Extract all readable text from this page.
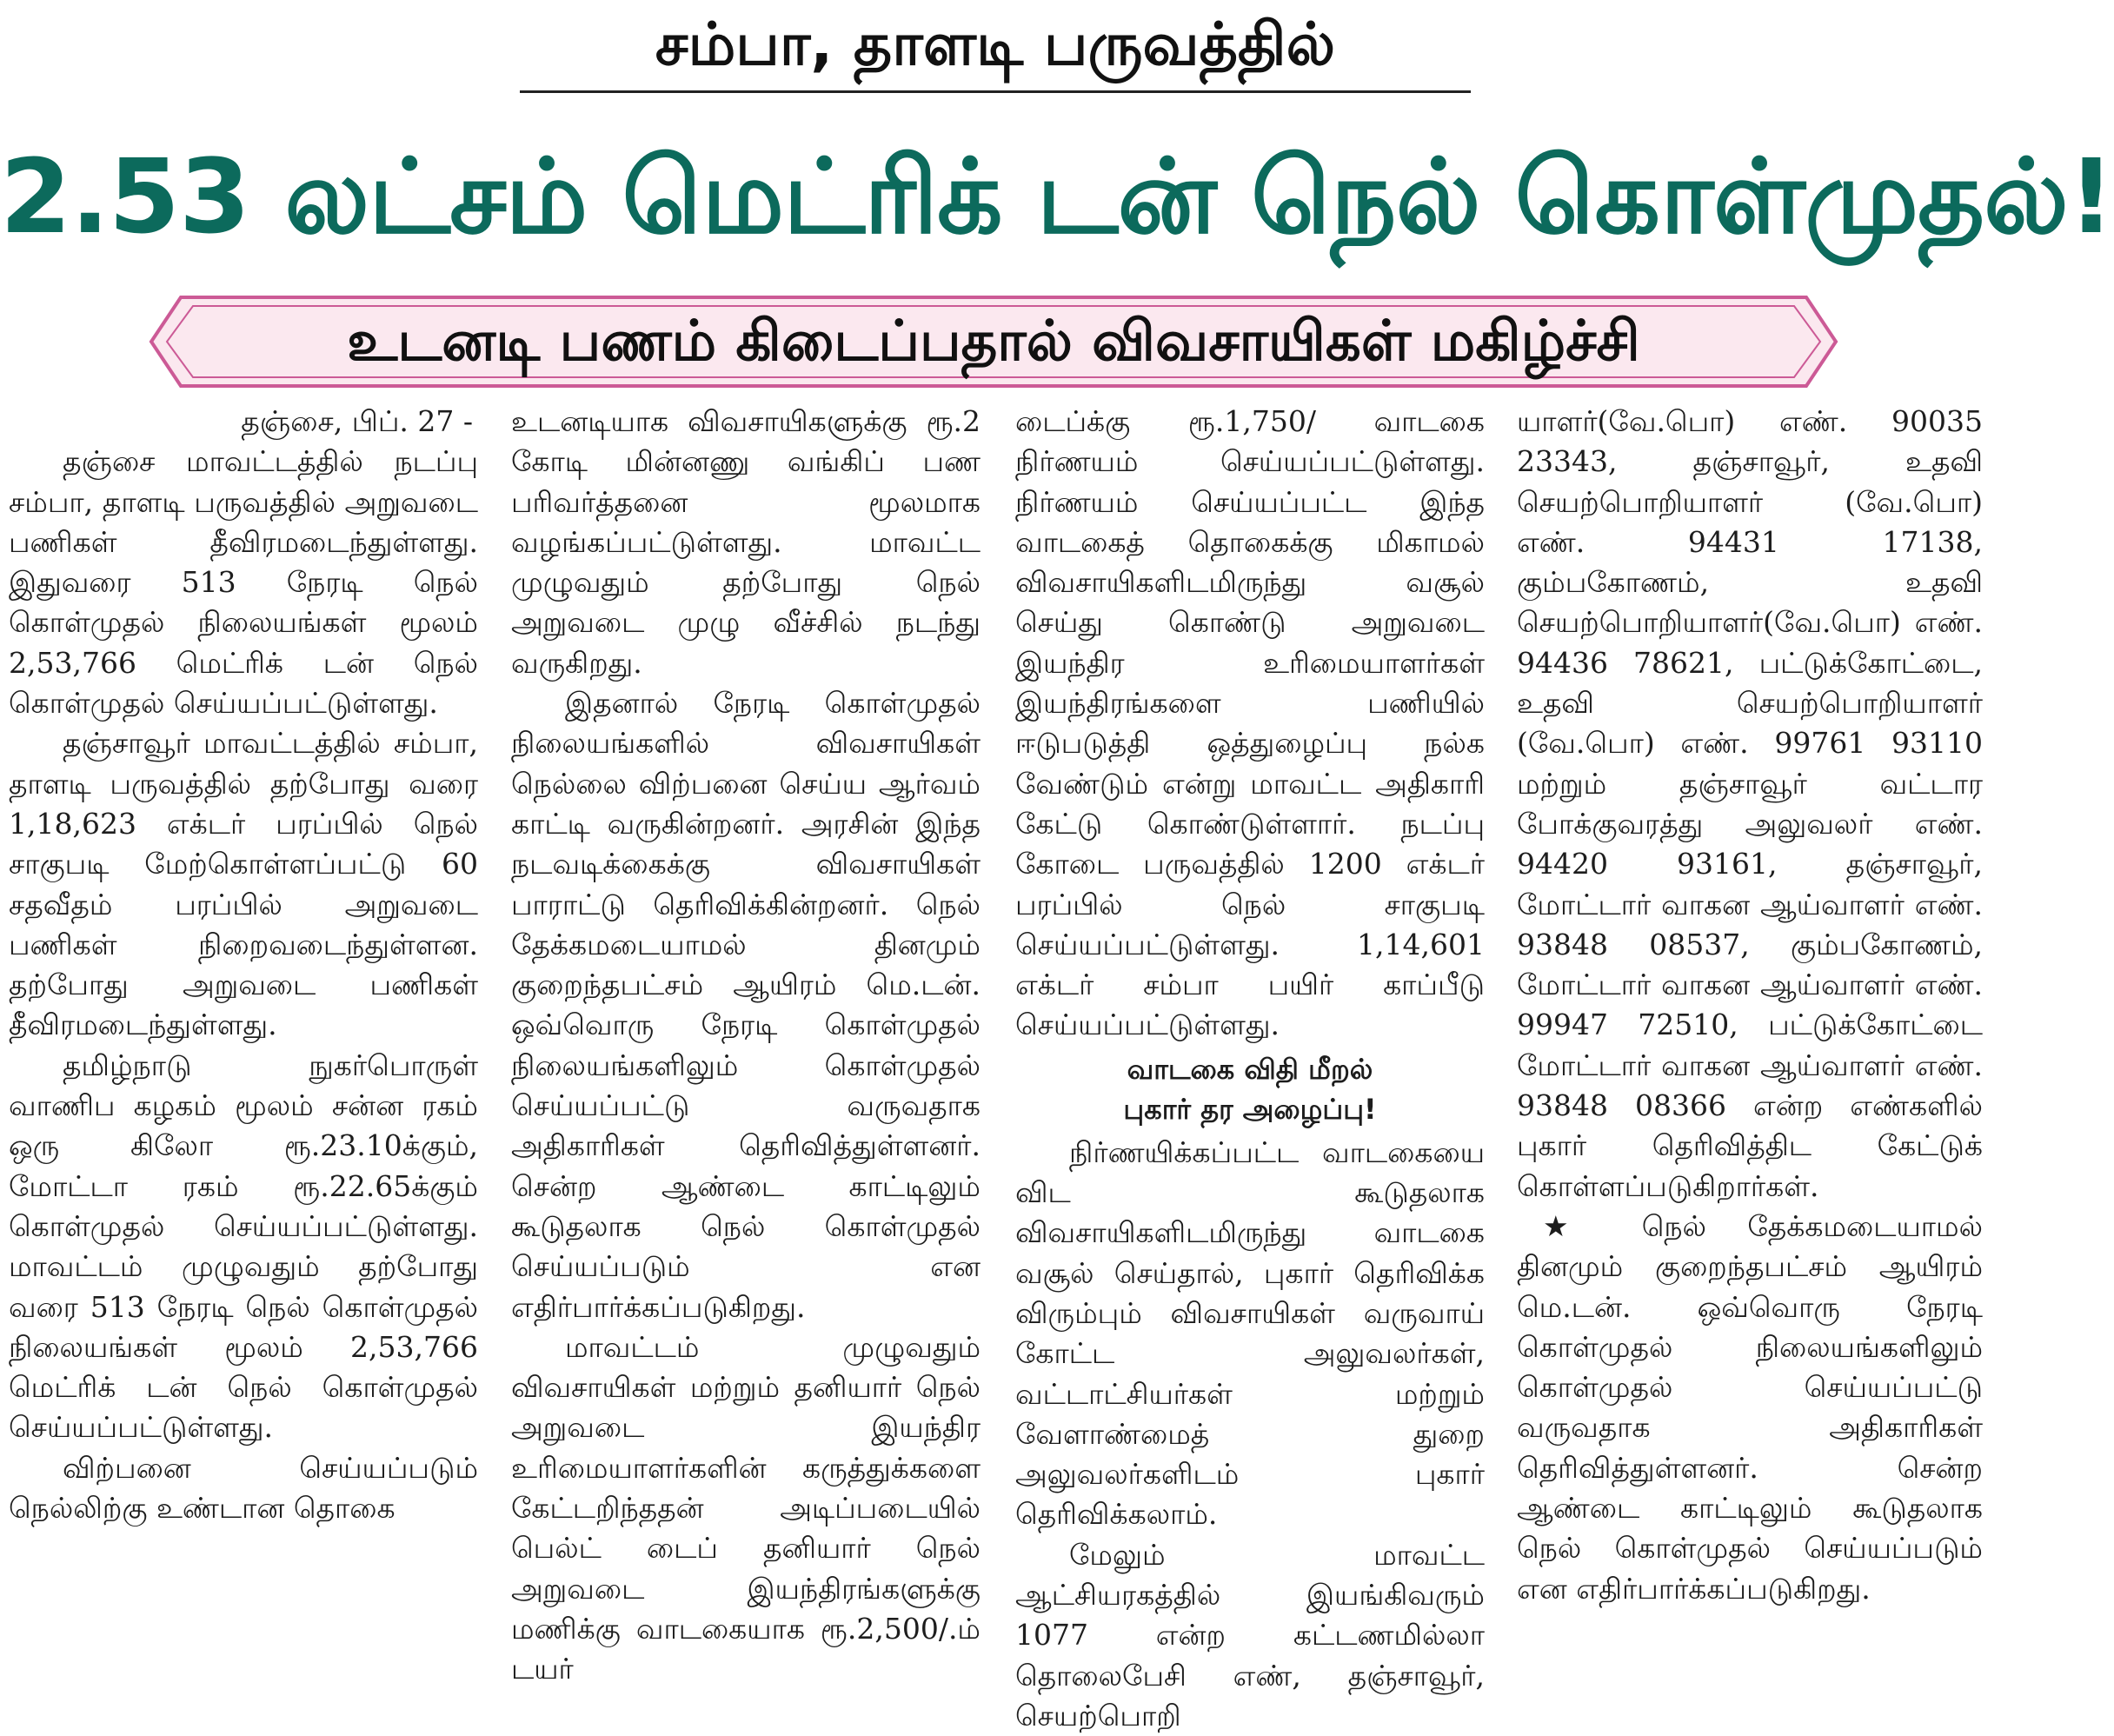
சம்பா, தாளடி பருவத்தில்
2.53 லட்சம் மெட்ரிக் டன் நெல் கொள்முதல்!
உடனடி பணம் கிடைப்பதால் விவசாயிகள் மகிழ்ச்சி

தஞ்சை, பிப். 27 -

தஞ்சை மாவட்டத்தில் நடப்பு சம்பா, தாளடி பருவத்தில் அறுவடை பணிகள் தீவிரமடைந்துள்ளது. இதுவரை 513 நேரடி நெல் கொள்முதல் நிலையங்கள் மூலம் 2,53,766 மெட்ரிக் டன் நெல் கொள்முதல் செய்யப்பட்டுள்ளது.

தஞ்சாவூர் மாவட்டத்தில் சம்பா, தாளடி பருவத்தில் தற்போது வரை 1,18,623 எக்டர் பரப்பில் நெல் சாகுபடி மேற்கொள்ளப்பட்டு 60 சதவீதம் பரப்பில் அறுவடை பணிகள் நிறைவடைந்துள்ளன. தற்போது அறுவடை பணிகள் தீவிரமடைந்துள்ளது.

தமிழ்நாடு நுகர்பொருள் வாணிப கழகம் மூலம் சன்ன ரகம் ஒரு கிலோ ரூ.23.10க்கும், மோட்டா ரகம் ரூ.22.65க்கும் கொள்முதல் செய்யப்பட்டுள்ளது. மாவட்டம் முழுவதும் தற்போது வரை 513 நேரடி நெல் கொள்முதல் நிலையங்கள் மூலம் 2,53,766 மெட்ரிக் டன் நெல் கொள்முதல் செய்யப்பட்டுள்ளது.

விற்பனை செய்யப்படும் நெல்லிற்கு உண்டான தொகை

உடனடியாக விவசாயிகளுக்கு ரூ.2 கோடி மின்னணு வங்கிப் பண பரிவர்த்தனை மூலமாக வழங்கப்பட்டுள்ளது. மாவட்ட முழுவதும் தற்போது நெல் அறுவடை முழு வீச்சில் நடந்து வருகிறது.

இதனால் நேரடி கொள்முதல் நிலையங்களில் விவசாயிகள் நெல்லை விற்பனை செய்ய ஆர்வம் காட்டி வருகின்றனர். அரசின் இந்த நடவடிக்கைக்கு விவசாயிகள் பாராட்டு தெரிவிக்கின்றனர். நெல் தேக்கமடையாமல் தினமும் குறைந்தபட்சம் ஆயிரம் மெ.டன். ஒவ்வொரு நேரடி கொள்முதல் நிலையங்களிலும் கொள்முதல் செய்யப்பட்டு வருவதாக அதிகாரிகள் தெரிவித்துள்ளனர். சென்ற ஆண்டை காட்டிலும் கூடுதலாக நெல் கொள்முதல் செய்யப்படும் என எதிர்பார்க்கப்படுகிறது.

மாவட்டம் முழுவதும் விவசாயிகள் மற்றும் தனியார் நெல் அறுவடை இயந்திர உரிமையாளர்களின் கருத்துக்களை கேட்டறிந்ததன் அடிப்படையில் பெல்ட் டைப் தனியார் நெல் அறுவடை இயந்திரங்களுக்கு மணிக்கு வாடகையாக ரூ.2,500/.ம் டயர்

டைப்க்கு ரூ.1,750/ வாடகை நிர்ணயம் செய்யப்பட்டுள்ளது. நிர்ணயம் செய்யப்பட்ட இந்த வாடகைத் தொகைக்கு மிகாமல் விவசாயிகளிடமிருந்து வசூல் செய்து கொண்டு அறுவடை இயந்திர உரிமையாளர்கள் இயந்திரங்களை பணியில் ஈடுபடுத்தி ஒத்துழைப்பு நல்க வேண்டும் என்று மாவட்ட அதிகாரி கேட்டு கொண்டுள்ளார். நடப்பு கோடை பருவத்தில் 1200 எக்டர் பரப்பில் நெல் சாகுபடி செய்யப்பட்டுள்ளது. 1,14,601 எக்டர் சம்பா பயிர் காப்பீடு செய்யப்பட்டுள்ளது.

வாடகை விதி மீறல்
புகார் தர அழைப்பு!

நிர்ணயிக்கப்பட்ட வாடகையை விட கூடுதலாக விவசாயிகளிடமிருந்து வாடகை வசூல் செய்தால், புகார் தெரிவிக்க விரும்பும் விவசாயிகள் வருவாய் கோட்ட அலுவலர்கள், வட்டாட்சியர்கள் மற்றும் வேளாண்மைத் துறை அலுவலர்களிடம் புகார் தெரிவிக்கலாம்.

மேலும் மாவட்ட ஆட்சியரகத்தில் இயங்கிவரும் 1077 என்ற கட்டணமில்லா தொலைபேசி எண், தஞ்சாவூர், செயற்பொறி

யாளர்(வே.பொ) எண். 90035 23343, தஞ்சாவூர், உதவி செயற்பொறியாளர் (வே.பொ) எண். 94431 17138, கும்பகோணம், உதவி செயற்பொறியாளர்(வே.பொ) எண். 94436 78621, பட்டுக்கோட்டை, உதவி செயற்பொறியாளர் (வே.பொ) எண். 99761 93110 மற்றும் தஞ்சாவூர் வட்டார போக்குவரத்து அலுவலர் எண். 94420 93161, தஞ்சாவூர், மோட்டார் வாகன ஆய்வாளர் எண். 93848 08537, கும்பகோணம், மோட்டார் வாகன ஆய்வாளர் எண். 99947 72510, பட்டுக்கோட்டை மோட்டார் வாகன ஆய்வாளர் எண். 93848 08366 என்ற எண்களில் புகார் தெரிவித்திட கேட்டுக் கொள்ளப்படுகிறார்கள்.

★ நெல் தேக்கமடையாமல் தினமும் குறைந்தபட்சம் ஆயிரம் மெ.டன். ஒவ்வொரு நேரடி கொள்முதல் நிலையங்களிலும் கொள்முதல் செய்யப்பட்டு வருவதாக அதிகாரிகள் தெரிவித்துள்ளனர். சென்ற ஆண்டை காட்டிலும் கூடுதலாக நெல் கொள்முதல் செய்யப்படும் என எதிர்பார்க்கப்படுகிறது.
